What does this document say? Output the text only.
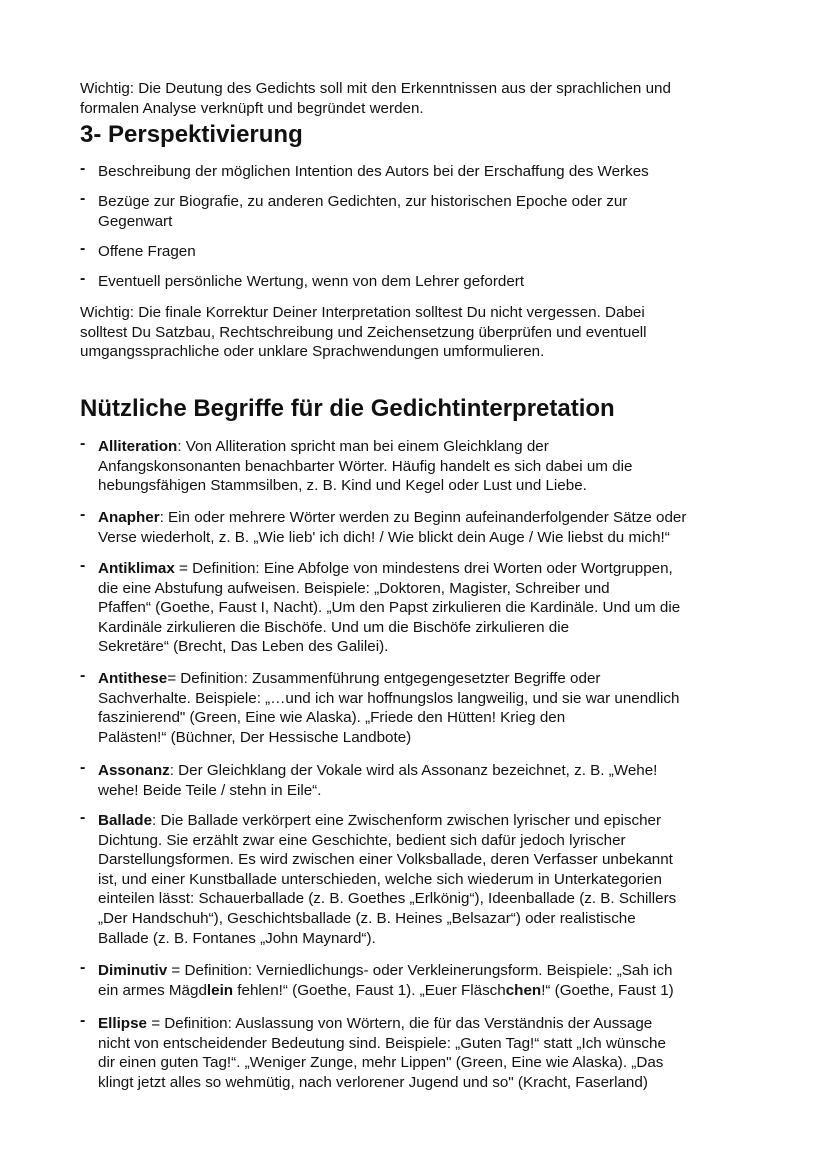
Wichtig: Die Deutung des Gedichts soll mit den Erkenntnissen aus der sprachlichen und
formalen Analyse verknüpft und begründet werden.

3- Perspektivierung
- Beschreibung der möglichen Intention des Autors bei der Erschaffung des Werkes
- Bezüge zur Biografie, zu anderen Gedichten, zur historischen Epoche oder zur
Gegenwart
- Offene Fragen
- Eventuell persönliche Wertung, wenn von dem Lehrer gefordert

Wichtig: Die finale Korrektur Deiner Interpretation solltest Du nicht vergessen. Dabei
solltest Du Satzbau, Rechtschreibung und Zeichensetzung überprüfen und eventuell
umgangssprachliche oder unklare Sprachwendungen umformulieren.

Nützliche Begriffe für die Gedichtinterpretation
- Alliteration: Von Alliteration spricht man bei einem Gleichklang der
Anfangskonsonanten benachbarter Wörter. Häufig handelt es sich dabei um die
hebungsfähigen Stammsilben, z. B. Kind und Kegel oder Lust und Liebe.
- Anapher: Ein oder mehrere Wörter werden zu Beginn aufeinanderfolgender Sätze oder
Verse wiederholt, z. B. „Wie lieb' ich dich! / Wie blickt dein Auge / Wie liebst du mich!“
- Antiklimax = Definition: Eine Abfolge von mindestens drei Worten oder Wortgruppen,
die eine Abstufung aufweisen. Beispiele: „Doktoren, Magister, Schreiber und
Pfaffen“ (Goethe, Faust I, Nacht). „Um den Papst zirkulieren die Kardinäle. Und um die
Kardinäle zirkulieren die Bischöfe. Und um die Bischöfe zirkulieren die
Sekretäre“ (Brecht, Das Leben des Galilei).
- Antithese= Definition: Zusammenführung entgegengesetzter Begriffe oder
Sachverhalte. Beispiele: „…und ich war hoffnungslos langweilig, und sie war unendlich
faszinierend" (Green, Eine wie Alaska). „Friede den Hütten! Krieg den
Palästen!“ (Büchner, Der Hessische Landbote)
- Assonanz: Der Gleichklang der Vokale wird als Assonanz bezeichnet, z. B. „Wehe!
wehe! Beide Teile / stehn in Eile“.
- Ballade: Die Ballade verkörpert eine Zwischenform zwischen lyrischer und epischer
Dichtung. Sie erzählt zwar eine Geschichte, bedient sich dafür jedoch lyrischer
Darstellungsformen. Es wird zwischen einer Volksballade, deren Verfasser unbekannt
ist, und einer Kunstballade unterschieden, welche sich wiederum in Unterkategorien
einteilen lässt: Schauerballade (z. B. Goethes „Erlkönig“), Ideenballade (z. B. Schillers
„Der Handschuh“), Geschichtsballade (z. B. Heines „Belsazar“) oder realistische
Ballade (z. B. Fontanes „John Maynard“).
- Diminutiv = Definition: Verniedlichungs- oder Verkleinerungsform. Beispiele: „Sah ich
ein armes Mägdlein fehlen!“ (Goethe, Faust 1). „Euer Fläschchen!“ (Goethe, Faust 1)
- Ellipse = Definition: Auslassung von Wörtern, die für das Verständnis der Aussage
nicht von entscheidender Bedeutung sind. Beispiele: „Guten Tag!“ statt „Ich wünsche
dir einen guten Tag!“. „Weniger Zunge, mehr Lippen" (Green, Eine wie Alaska). „Das
klingt jetzt alles so wehmütig, nach verlorener Jugend und so" (Kracht, Faserland)
